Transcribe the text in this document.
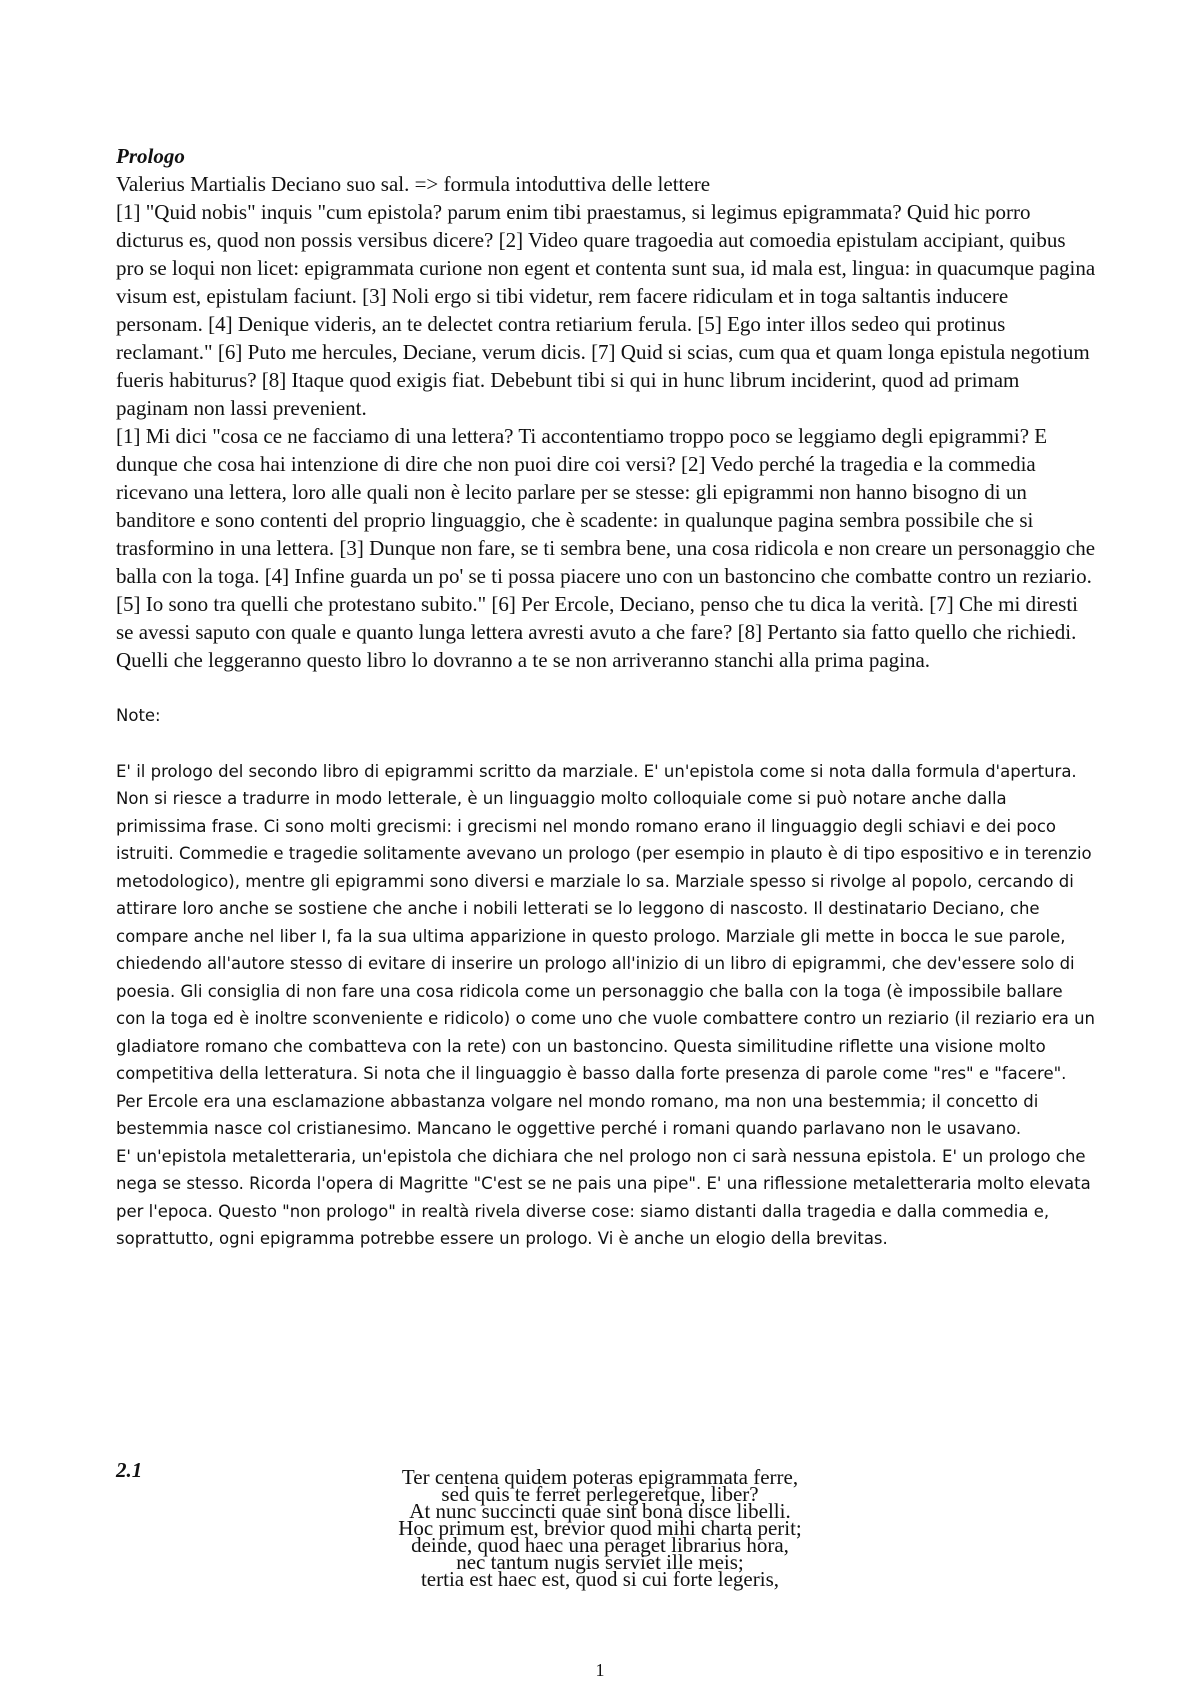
Prologo

Valerius Martialis Deciano suo sal. => formula intoduttiva delle lettere

[1] "Quid nobis" inquis "cum epistola? parum enim tibi praestamus, si legimus epigrammata? Quid hic porro dicturus es, quod non possis versibus dicere? [2] Video quare tragoedia aut comoedia epistulam accipiant, quibus pro se loqui non licet: epigrammata curione non egent et contenta sunt sua, id mala est, lingua: in quacumque pagina visum est, epistulam faciunt. [3] Noli ergo si tibi videtur, rem facere ridiculam et in toga saltantis inducere personam. [4] Denique videris, an te delectet contra retiarium ferula. [5] Ego inter illos sedeo qui protinus reclamant." [6] Puto me hercules, Deciane, verum dicis. [7] Quid si scias, cum qua et quam longa epistula negotium fueris habiturus? [8] Itaque quod exigis fiat. Debebunt tibi si qui in hunc librum inciderint, quod ad primam paginam non lassi prevenient.

[1] Mi dici "cosa ce ne facciamo di una lettera? Ti accontentiamo troppo poco se leggiamo degli epigrammi? E dunque che cosa hai intenzione di dire che non puoi dire coi versi? [2] Vedo perché la tragedia e la commedia ricevano una lettera, loro alle quali non è lecito parlare per se stesse: gli epigrammi non hanno bisogno di un banditore e sono contenti del proprio linguaggio, che è scadente: in qualunque pagina sembra possibile che si trasformino in una lettera. [3] Dunque non fare, se ti sembra bene, una cosa ridicola e non creare un personaggio che balla con la toga. [4] Infine guarda un po' se ti possa piacere uno con un bastoncino che combatte contro un reziario. [5] Io sono tra quelli che protestano subito." [6] Per Ercole, Deciano, penso che tu dica la verità. [7] Che mi diresti se avessi saputo con quale e quanto lunga lettera avresti avuto a che fare? [8] Pertanto sia fatto quello che richiedi. Quelli che leggeranno questo libro lo dovranno a te se non arriveranno stanchi alla prima pagina.

Note:

E' il prologo del secondo libro di epigrammi scritto da marziale. E' un'epistola come si nota dalla formula d'apertura. Non si riesce a tradurre in modo letterale, è un linguaggio molto colloquiale come si può notare anche dalla primissima frase. Ci sono molti grecismi: i grecismi nel mondo romano erano il linguaggio degli schiavi e dei poco istruiti. Commedie e tragedie solitamente avevano un prologo (per esempio in plauto è di tipo espositivo e in terenzio metodologico), mentre gli epigrammi sono diversi e marziale lo sa. Marziale spesso si rivolge al popolo, cercando di attirare loro anche se sostiene che anche i nobili letterati se lo leggono di nascosto. Il destinatario Deciano, che compare anche nel liber I, fa la sua ultima apparizione in questo prologo. Marziale gli mette in bocca le sue parole, chiedendo all'autore stesso di evitare di inserire un prologo all'inizio di un libro di epigrammi, che dev'essere solo di poesia. Gli consiglia di non fare una cosa ridicola come un personaggio che balla con la toga (è impossibile ballare con la toga ed è inoltre sconveniente e ridicolo) o come uno che vuole combattere contro un reziario (il reziario era un gladiatore romano che combatteva con la rete) con un bastoncino. Questa similitudine riflette una visione molto competitiva della letteratura. Si nota che il linguaggio è basso dalla forte presenza di parole come "res" e "facere". Per Ercole era una esclamazione abbastanza volgare nel mondo romano, ma non una bestemmia; il concetto di bestemmia nasce col cristianesimo. Mancano le oggettive perché i romani quando parlavano non le usavano.

E' un'epistola metaletteraria, un'epistola che dichiara che nel prologo non ci sarà nessuna epistola. E' un prologo che nega se stesso. Ricorda l'opera di Magritte "C'est se ne pais una pipe". E' una riflessione metaletteraria molto elevata per l'epoca. Questo "non prologo" in realtà rivela diverse cose: siamo distanti dalla tragedia e dalla commedia e, soprattutto, ogni epigramma potrebbe essere un prologo. Vi è anche un elogio della brevitas.

2.1	Ter centena quidem poteras epigrammata ferre,
sed quis te ferret perlegeretque, liber?
At nunc succincti quae sint bona disce libelli.
Hoc primum est, brevior quod mihi charta perit;
deinde, quod haec una peraget librarius hora,
nec tantum nugis serviet ille meis;
tertia est haec est, quod si cui forte legeris,
1
